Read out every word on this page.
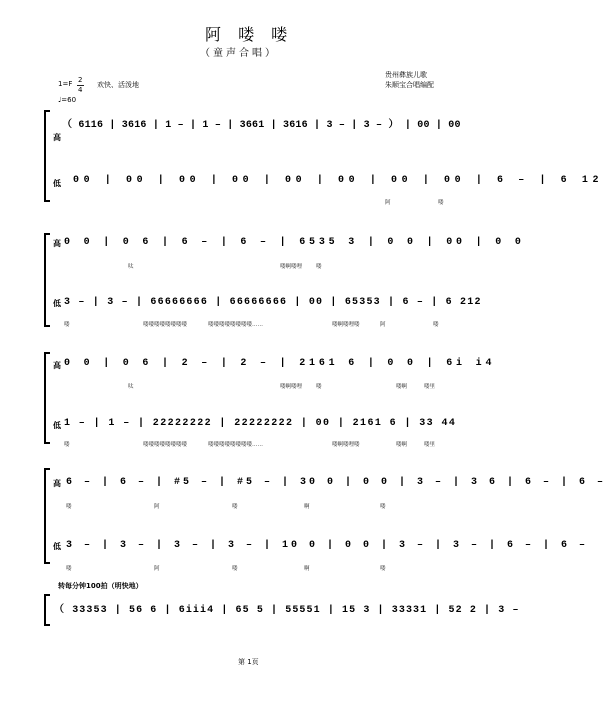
阿 喽 喽
（童声合唱）
贵州彝族儿歌
朱顺宝合唱编配
1=F 2
4
欢快、活泼地
♩=60
高
低
（ 6116 | 3616 | 1 – | 1 – | 3661 | 3616 | 3 – | 3 – ） | 00 | 00
00 | 00 | 00 | 00 | 00 | 00 | 00 | 00 | 6 – | 6 12
阿	喽
高
低
0 0 | 0 6 | 6 – | 6 – | 6535 3 | 0 0 | 00 | 0 0
3 – | 3 – | 66666666 | 66666666 | 00 | 65353 | 6 – | 6 212
呔	喽啊喽哩	喽
喽	喽喽喽喽喽喽喽喽	喽喽喽喽喽喽喽喽……	喽啊喽哩喽	阿	喽
高
低
0 0 | 0 6 | 2 – | 2 – | 2161 6 | 0 0 | 6i i4
1 – | 1 – | 22222222 | 22222222 | 00 | 2161 6 | 33 44
呔	喽啊喽哩	喽	喽啊	喽里
喽	喽喽喽喽喽喽喽喽	喽喽喽喽喽喽喽喽……	喽啊喽哩喽	喽啊	喽里
高
低
6 – | 6 – | #5 – | #5 – | 30 0 | 0 0 | 3 – | 3 6 | 6 – | 6 –
3 – | 3 – | 3 – | 3 – | 10 0 | 0 0 | 3 – | 3 – | 6 – | 6 –
喽	阿	喽	啊	喽
喽	阿	喽	啊	喽
转每分钟100拍（明快地）
（ 33353 | 56 6 | 6iii4 | 65 5 | 55551 | 15 3 | 33331 | 52 2 | 3 –
第 1页
